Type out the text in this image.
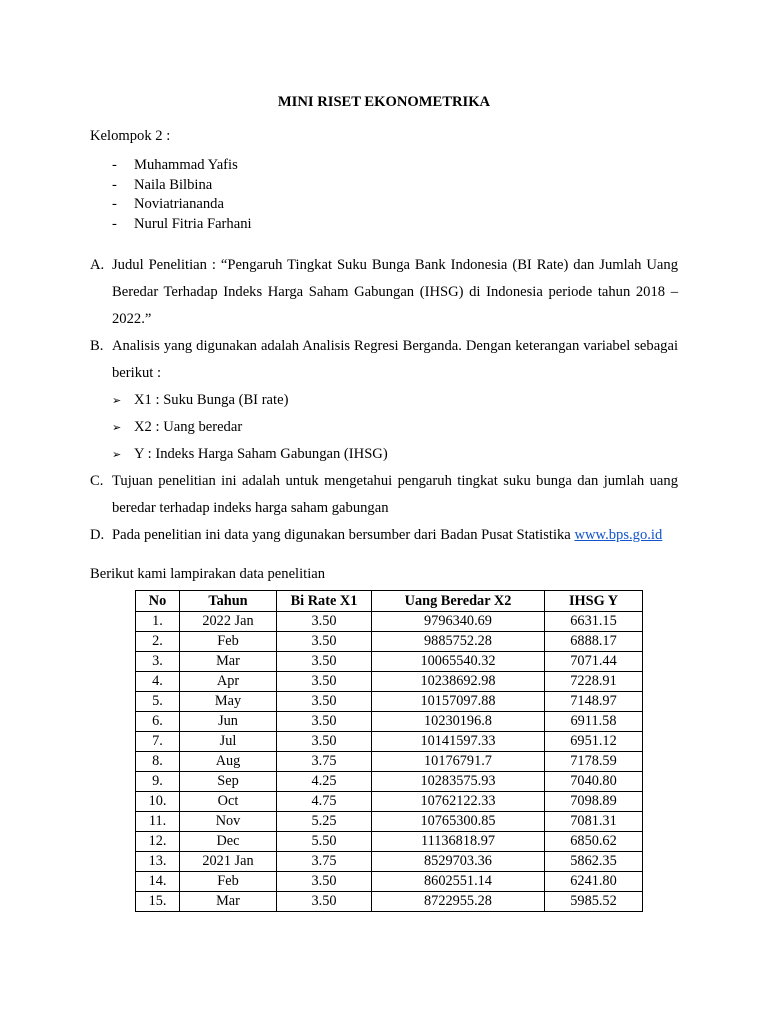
MINI RISET EKONOMETRIKA
Kelompok 2 :
-	Muhammad Yafis
-	Naila Bilbina
-	Noviatriananda
-	Nurul Fitria Farhani
A. Judul Penelitian : “Pengaruh Tingkat Suku Bunga Bank Indonesia (BI Rate) dan Jumlah Uang Beredar Terhadap Indeks Harga Saham Gabungan (IHSG) di Indonesia periode tahun 2018 – 2022.”
B. Analisis yang digunakan adalah Analisis Regresi Berganda. Dengan keterangan variabel sebagai berikut :
➢ X1 : Suku Bunga (BI rate)
➢ X2 : Uang beredar
➢ Y : Indeks Harga Saham Gabungan (IHSG)
C. Tujuan penelitian ini adalah untuk mengetahui pengaruh tingkat suku bunga dan jumlah uang beredar terhadap indeks harga saham gabungan
D. Pada penelitian ini data yang digunakan bersumber dari Badan Pusat Statistika www.bps.go.id
Berikut kami lampirakan data penelitian
No	Tahun	Bi Rate X1	Uang Beredar X2	IHSG Y
1.	2022 Jan	3.50	9796340.69	6631.15
2.	Feb	3.50	9885752.28	6888.17
3.	Mar	3.50	10065540.32	7071.44
4.	Apr	3.50	10238692.98	7228.91
5.	May	3.50	10157097.88	7148.97
6.	Jun	3.50	10230196.8	6911.58
7.	Jul	3.50	10141597.33	6951.12
8.	Aug	3.75	10176791.7	7178.59
9.	Sep	4.25	10283575.93	7040.80
10.	Oct	4.75	10762122.33	7098.89
11.	Nov	5.25	10765300.85	7081.31
12.	Dec	5.50	11136818.97	6850.62
13.	2021 Jan	3.75	8529703.36	5862.35
14.	Feb	3.50	8602551.14	6241.80
15.	Mar	3.50	8722955.28	5985.52
